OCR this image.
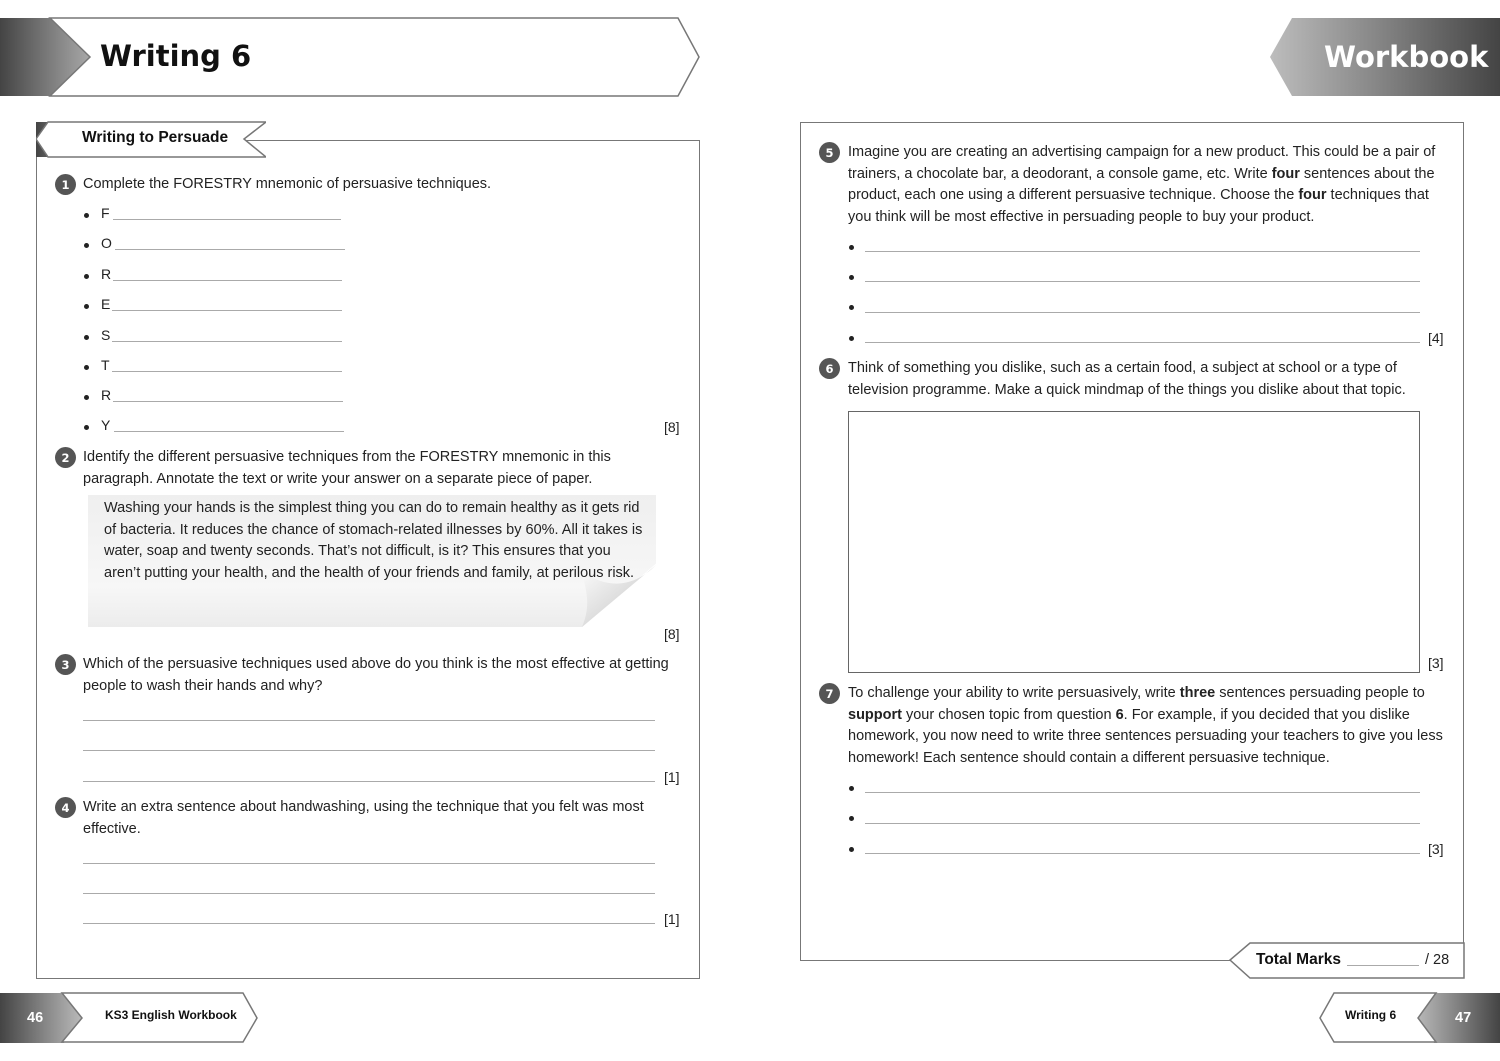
Writing 6	Workbook
Writing to Persuade
1 Complete the FORESTRY mnemonic of persuasive techniques.
F
O
R
E
S
T
R
Y	[8]
2 Identify the different persuasive techniques from the FORESTRY mnemonic in this paragraph. Annotate the text or write your answer on a separate piece of paper.
Washing your hands is the simplest thing you can do to remain healthy as it gets rid of bacteria. It reduces the chance of stomach-related illnesses by 60%. All it takes is water, soap and twenty seconds. That’s not difficult, is it? This ensures that you aren’t putting your health, and the health of your friends and family, at perilous risk.
[8]
3 Which of the persuasive techniques used above do you think is the most effective at getting people to wash their hands and why?
[1]
4 Write an extra sentence about handwashing, using the technique that you felt was most effective.
[1]
5	Imagine you are creating an advertising campaign for a new product. This could be a pair of trainers, a chocolate bar, a deodorant, a console game, etc. Write four sentences about the product, each one using a different persuasive technique. Choose the four techniques that you think will be most effective in persuading people to buy your product.
[4]
6	Think of something you dislike, such as a certain food, a subject at school or a type of television programme. Make a quick mindmap of the things you dislike about that topic.
[3]
7	To challenge your ability to write persuasively, write three sentences persuading people to support your chosen topic from question 6. For example, if you decided that you dislike homework, you now need to write three sentences persuading your teachers to give you less homework! Each sentence should contain a different persuasive technique.
[3]
Total Marks	/ 28
46	KS3 English Workbook	Writing 6	47
